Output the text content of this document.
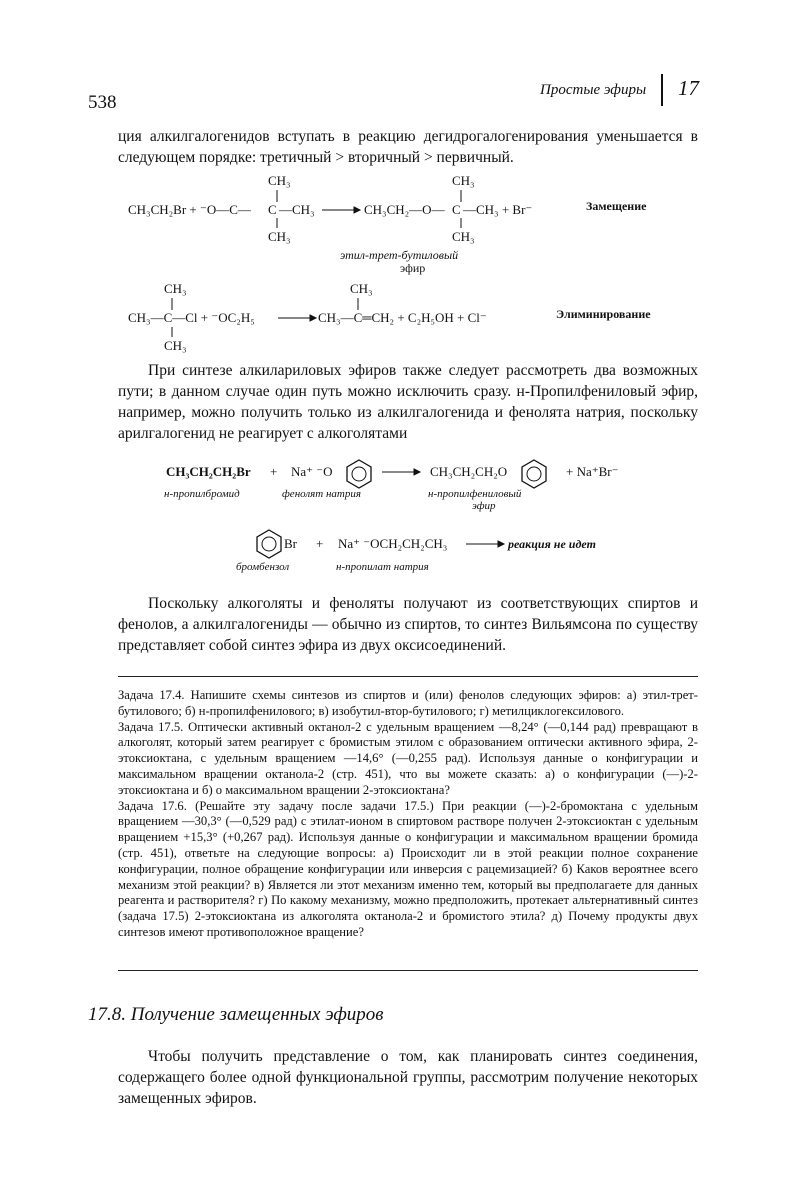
538
Простые эфиры 17
ция алкилгалогенидов вступать в реакцию дегидрогалогенирования уменьшается в следующем порядке: третичный > вторичный > первичный.
CH₃
CH₃CH₂Br + ⁻O—C— C —CH₃
CH₃
CH₃
CH₃CH₂—O— C —CH₃ + Br⁻
CH₃
Замещение
этил-трет-бутиловый
эфир
CH₃
CH₃—C—Cl + ⁻OC₂H₅
CH₃
CH₃
CH₃—C═CH₂ + C₂H₅OH + Cl⁻	Элиминирование
CH₃CH₂CH₂Br + Na⁺ ⁻O	CH₃CH₂CH₂O	+ Na⁺Br⁻
н-пропилбромид	фенолят натрия	н-пропилфениловый
эфир
Br + Na⁺ ⁻OCH₂CH₂CH₃	реакция не идет
бромбензол	н-пропилат натрия
При синтезе алкилариловых эфиров также следует рассмотреть два возможных пути; в данном случае один путь можно исключить сразу. н-Пропилфениловый эфир, например, можно получить только из алкилгалогенида и фенолята натрия, поскольку арилгалогенид не реагирует с алкоголятами
Поскольку алкоголяты и феноляты получают из соответствующих спиртов и фенолов, а алкилгалогениды — обычно из спиртов, то синтез Вильямсона по существу представляет собой синтез эфира из двух оксисоединений.

Задача 17.4. Напишите схемы синтезов из спиртов и (или) фенолов следующих эфиров: а) этил-трет-бутилового; б) н-пропилфенилового; в) изобутил-втор-бутилового; г) метилциклогексилового.

Задача 17.5. Оптически активный октанол-2 с удельным вращением —8,24° (—0,144 рад) превращают в алкоголят, который затем реагирует с бромистым этилом с образованием оптически активного эфира, 2-этоксиоктана, с удельным вращением —14,6° (—0,255 рад). Используя данные о конфигурации и максимальном вращении октанола-2 (стр. 451), что вы можете сказать: а) о конфигурации (—)-2-этоксиоктана и б) о максимальном вращении 2-этоксиоктана?

Задача 17.6. (Решайте эту задачу после задачи 17.5.) При реакции (—)-2-бромоктана с удельным вращением —30,3° (—0,529 рад) с этилат-ионом в спиртовом растворе получен 2-этоксиоктан с удельным вращением +15,3° (+0,267 рад). Используя данные о конфигурации и максимальном вращении бромида (стр. 451), ответьте на следующие вопросы: а) Происходит ли в этой реакции полное сохранение конфигурации, полное обращение конфигурации или инверсия с рацемизацией? б) Каков вероятнее всего механизм этой реакции? в) Является ли этот механизм именно тем, который вы предполагаете для данных реагента и растворителя? г) По какому механизму, можно предположить, протекает альтернативный синтез (задача 17.5) 2-этоксиоктана из алкоголята октанола-2 и бромистого этила? д) Почему продукты двух синтезов имеют противоположное вращение?

17.8. Получение замещенных эфиров
Чтобы получить представление о том, как планировать синтез соединения, содержащего более одной функциональной группы, рассмотрим получение некоторых замещенных эфиров.
